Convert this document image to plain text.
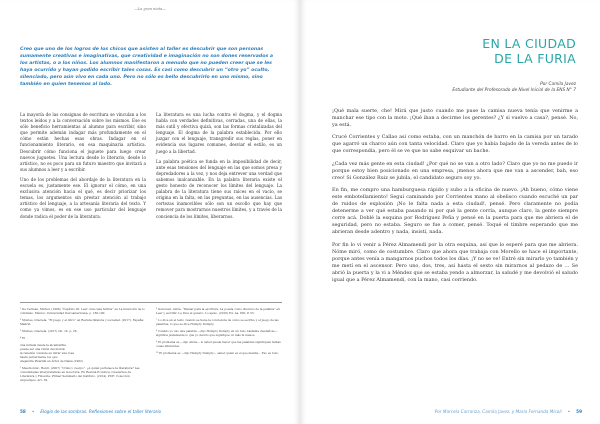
—La gran nieta—
Creo que uno de los logros de los chicos que asisten al taller es descubrir que son personas sumamente creativas e imaginativas, que creatividad e imaginación no son dones reservados a los artistas, o a los niños. Los alumnos manifestaron a menudo que no pueden creer que se les haya ocurrido y hayan podido escribir tales cosas. Es casi como descubrir un “otro yo” oculto, silenciado, pero aún vivo en cada uno. Pero no sólo es bello descubrirlo en uno mismo, sino también en quien tenemos al lado.

La mayoría de las consignas de escritura se vinculan a los textos leídos y a la conversación sobre los mismos. Ese es sólo beneficio herramientas al alumno para escribir, sino que permite ademán indagar más profundamente en el cómo están hechas esas obras. Indagar en el funcionamiento literario, en esa maquinaria artística. Descubrir cómo funciona el juguete para luego crear nuevos juguetes. Una lectura desde lo literario, desde lo artístico, no es poco para un futuro maestro que invitará a sus alumnos a leer y a escribir.

Uno de los problemas del abordaje de la literatura en la escuela es, justamente ese. El ignorar el cómo, en una exclusiva atención hacia el qué, es decir priorizar los temas, los argumentos sin prestar atención al trabajo artístico del lenguaje, a la artesanía literaria del texto. Y como ya vimos, es en ese uso particular del lenguaje donde radica el poder de la literatura.

La literatura es una lucha contra el dogma, y el dogma habla con verdades definitivas, cerradas, una de ellas, la más sutil y efectiva quizá, son las formas cristalizadas del lenguaje. El dogma de la palabra establecida. Por ello juzgar con el lenguaje, transgredir sus reglas, poner en evidencia sus lugares comunes, desviar el estilo, es un juego a la libertad.

La palabra poética se funda en la imposibilidad de decir, ante esas tensiones del lenguaje en las que somos presa y depredadores a la vez, y nos deja entrever una verdad que sabemos inalcanzable. En la palabra literaria existe el gesto honesto de reconocer los límites del lenguaje. La palabra de la literatura tiene sus raíces en el vacío, se origina en la falta, en las preguntas, en las ausencias. Las certezas inamovibles sólo son un escollo que hay que remover para mostrarnos nuestros límites, y a través de la conciencia de los límites, liberarnos.

¹ De Certeau, Michel. (1996) “Capítulo III. Leer: una caza furtiva” en La invención de lo cotidiano. México: Universidad Iberoamericana. p. 180-190.

² Montes, Graciela. “El juego y el libro” en Revista Infancia y sociedad. (2017). España: Madrid.

³ Montes, Graciela. (2017) Ob. cit. p. 26.

⁴ El

una mirada desde la alcantarilla
puede ser una visión del mundo
la rebelión consiste en mirar una rosa
hasta pulverizarse los ojos
Alejandra Pizarnik en Árbol de Diana (1962)

⁵ Meschonnic, Henri. (2007) “Crisis y cuerpo”. ¿A quién pertenece la literatura? Las comunidades interpretativas en la lectura. En Revista Ecdotica, Cuadernos de Literatura y Filosofía. Primer Seminario del Instituto. (2014). PUE: Colección Arquetipos. Art. 59.

⁶ Genovesi, Alicia. “Pensar para la escritura. La poesía como discurso de la palabra” en Leer y escribir. Le Dice el genero. Lo ajeno. (2016) Ed. Aa. PDI, P. 55.

⁷ Lo dice en el texto cuando se tiene la conciencia de como se escribe y el juego de las palabras, lo que se dice Humpty Dumpty.

⁸ Cuando yo uso una palabra —dijo Humpty Dumpty en un tono bastante desdeñoso— significa justamente lo que yo decido que signifique: ni más ni menos.

⁹ El problema es —dijo Alicia— si usted puede hacer que las palabras signifiquen tantas cosas diferentes.

¹⁰ El problema es —dijo Humpty Dumpty— saber quien es el que manda… Eso es todo.

58 • Elogio de las sombras. Reflexiones sobre el taller literario
EN LA CIUDAD
DE LA FURIA
Por Camila Javez
Estudiante del Profesorado de Nivel Inicial de la ENS N° 7

¡Qué mala suerte, che! Mirá que justo cuando me puse la camisa nueva tenía que venirme a manchar ese tipo con la moto. ¡Qué iban a decirme los gerentes? ¿Y si vuelvo a casa?, pensé. No, ya está.

Crucé Corrientes y Callao así como estaba, con un manchón de barro en la camisa por un tarado que agarró un charco aún con tanta velocidad. Claro que yo había bajado de la vereda antes de lo que correspondía, pero él se ve que no sabe esquivar un bache.

¿Cada vez más gente en esta ciudad! ¿Por qué no se van a otro lado? Claro que yo no me puedo ir porque estoy bien posicionado en una empresa, ¡menos ahora que me van a ascender, bah, eso creo! Si González Ruiz se jubila, el candidato seguro soy yo.

En fin, me compro una hamburguesa rápido y subo a la oficina de nuevo. ¡Ah bueno, cómo viene este embotellamiento! Seguí caminando por Corrientes mano al obelisco cuando escuché un par de ruidos de explosión ¡No le falta nada a esta ciudad!, pensé. Pero claramente no podía detenerme a ver qué estaba pasando ni por qué la gente corría, aunque claro, la gente siempre corre acá. Doblé la esquina por Rodríguez Peña y pensé en la puerta para que me abriera el de seguridad, pero no estaba. Seguro se fue a comer, pensé. Toqué el timbre esperando que me abrieran desde adentro y nada, insistí, nada.

Por fin lo vi venir a Pérez Almamendi por la otra esquina, así que lo esperé para que me abriera. Nóme miró, como de costumbre. Claro que ahora que trabaja con Morello se hace el importante, porque antes venía a mangarnos puchos todos los días. ¡Y no se ve! Entré sin mirarlo yo también y me metí en el ascensor. Pero uno, dos, tres, así hasta el sexto sin mirarnos al pedazo de … Se abrió la puerta y la vi a Méndez que se estaba yendo a almorzar, la saludé y me devolvió el saludo igual que a Pérez Almamendi, con la mano, casi corriendo.

Por Marcela Carranza, Camila Javez, y María Fernanda Micoli • 59
